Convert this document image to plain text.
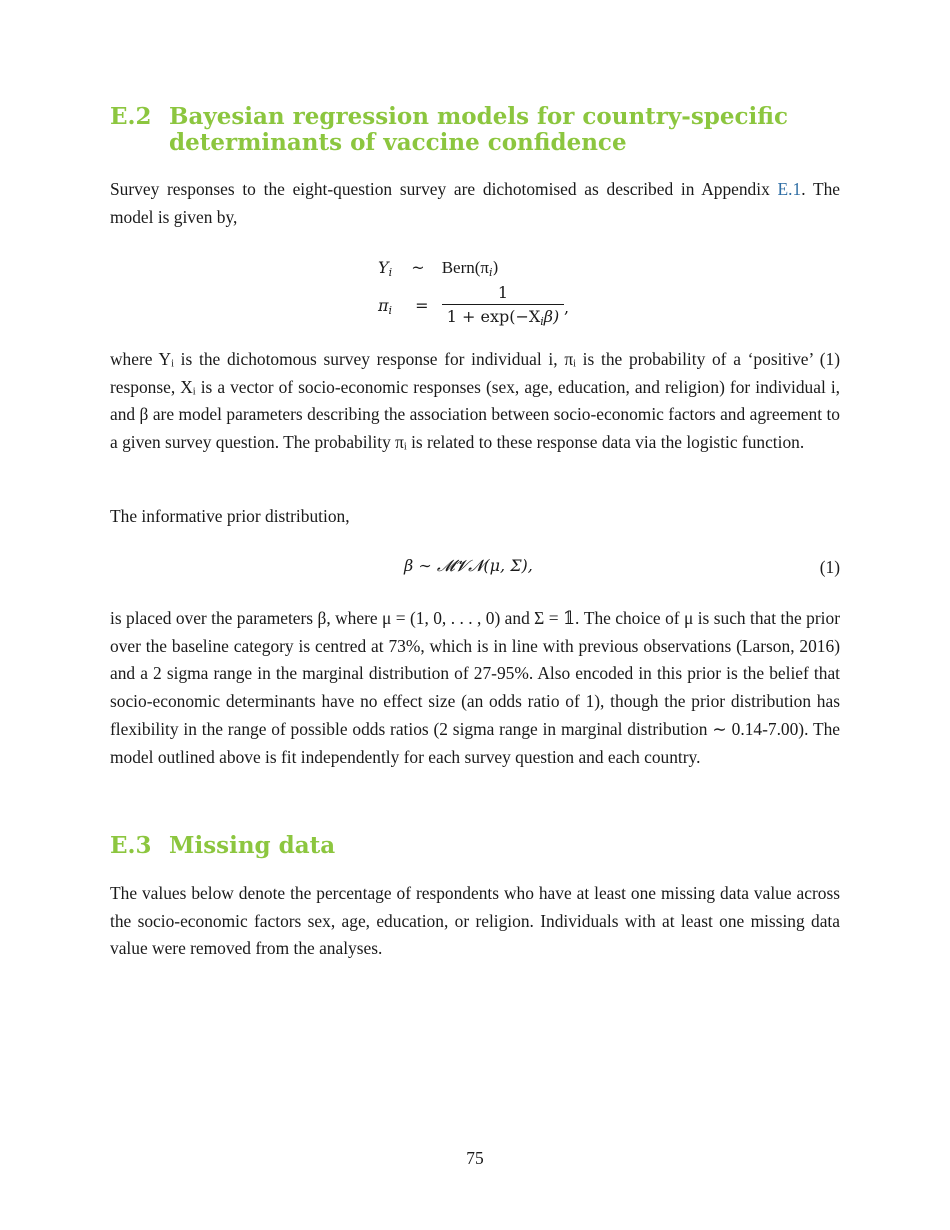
E.2 Bayesian regression models for country-specific determinants of vaccine confidence

Survey responses to the eight-question survey are dichotomised as described in Appendix E.1. The model is given by,

$Y_i$ ~ $Bern(\pi_i)$
$\pi_i$ =
1
$1 + \exp(-X_i\beta)$ ,

where Yᵢ is the dichotomous survey response for individual i, πᵢ is the probability of a ‘positive’ (1) response, Xᵢ is a vector of socio-economic responses (sex, age, education, and religion) for individual i, and β are model parameters describing the association between socio-economic factors and agreement to a given survey question. The probability πᵢ is related to these response data via the logistic function.

The informative prior distribution,

β ∼ 𝓜𝓥𝓝(μ, Σ),	(1)

is placed over the parameters β, where μ = (1, 0, . . . , 0) and Σ = 𝟙. The choice of μ is such that the prior over the baseline category is centred at 73%, which is in line with previous observations (Larson, 2016) and a 2 sigma range in the marginal distribution of 27-95%. Also encoded in this prior is the belief that socio-economic determinants have no effect size (an odds ratio of 1), though the prior distribution has flexibility in the range of possible odds ratios (2 sigma range in marginal distribution ∼ 0.14-7.00). The model outlined above is fit independently for each survey question and each country.

E.3 Missing data

The values below denote the percentage of respondents who have at least one missing data value across the socio-economic factors sex, age, education, or religion. Individuals with at least one missing data value were removed from the analyses.

75
